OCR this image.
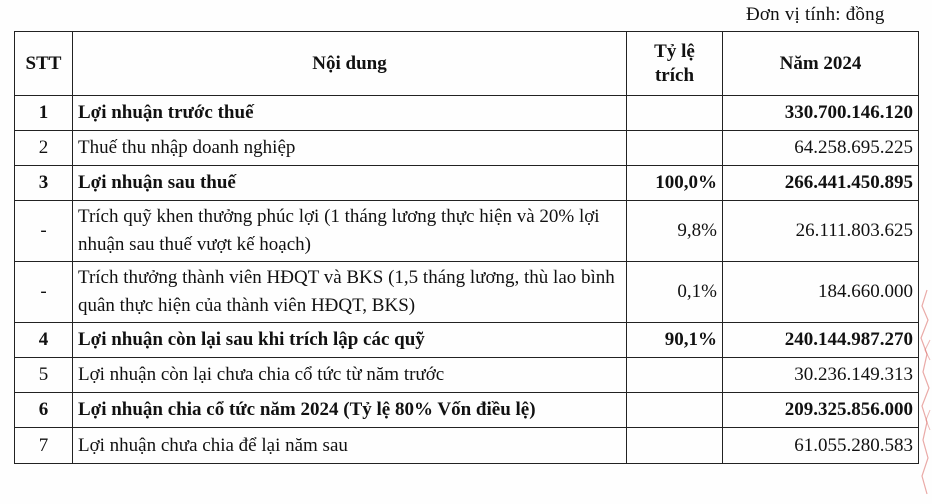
Đơn vị tính: đồng
STT	Nội dung	Tỷ lệ trích	Năm 2024
1	Lợi nhuận trước thuế		330.700.146.120
2	Thuế thu nhập doanh nghiệp		64.258.695.225
3	Lợi nhuận sau thuế	100,0%	266.441.450.895
-	Trích quỹ khen thưởng phúc lợi (1 tháng lương thực hiện và 20% lợi nhuận sau thuế vượt kế hoạch)	9,8%	26.111.803.625
-	Trích thưởng thành viên HĐQT và BKS (1,5 tháng lương, thù lao bình quân thực hiện của thành viên HĐQT, BKS)	0,1%	184.660.000
4	Lợi nhuận còn lại sau khi trích lập các quỹ	90,1%	240.144.987.270
5	Lợi nhuận còn lại chưa chia cổ tức từ năm trước		30.236.149.313
6	Lợi nhuận chia cổ tức năm 2024 (Tỷ lệ 80% Vốn điều lệ)		209.325.856.000
7	Lợi nhuận chưa chia để lại năm sau		61.055.280.583
